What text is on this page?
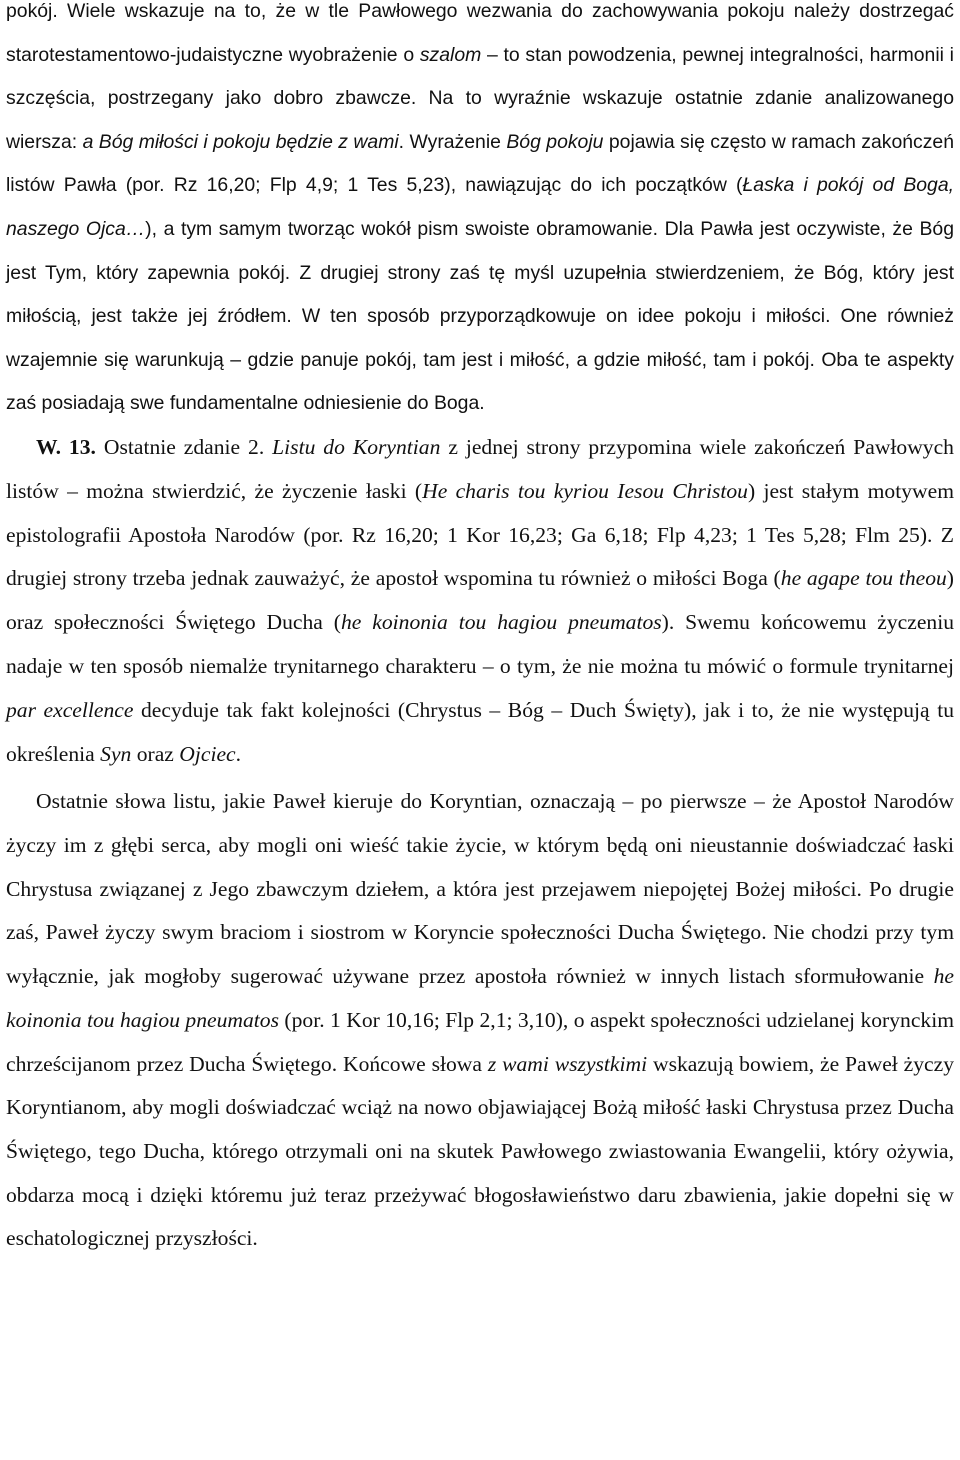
pokój. Wiele wskazuje na to, że w tle Pawłowego wezwania do zachowywania pokoju należy dostrzegać starotestamentowo-judaistyczne wyobrażenie o szalom – to stan powodzenia, pewnej integralności, harmonii i szczęścia, postrzegany jako dobro zbawcze. Na to wyraźnie wskazuje ostatnie zdanie analizowanego wiersza: a Bóg miłości i pokoju będzie z wami. Wyrażenie Bóg pokoju pojawia się często w ramach zakończeń listów Pawła (por. Rz 16,20; Flp 4,9; 1 Tes 5,23), nawiązując do ich początków (Łaska i pokój od Boga, naszego Ojca…), a tym samym tworząc wokół pism swoiste obramowanie. Dla Pawła jest oczywiste, że Bóg jest Tym, który zapewnia pokój. Z drugiej strony zaś tę myśl uzupełnia stwierdzeniem, że Bóg, który jest miłością, jest także jej źródłem. W ten sposób przyporządkowuje on idee pokoju i miłości. One również wzajemnie się warunkują – gdzie panuje pokój, tam jest i miłość, a gdzie miłość, tam i pokój. Oba te aspekty zaś posiadają swe fundamentalne odniesienie do Boga.

W. 13. Ostatnie zdanie 2. Listu do Koryntian z jednej strony przypomina wiele zakończeń Pawłowych listów – można stwierdzić, że życzenie łaski (He charis tou kyriou Iesou Christou) jest stałym motywem epistolografii Apostoła Narodów (por. Rz 16,20; 1 Kor 16,23; Ga 6,18; Flp 4,23; 1 Tes 5,28; Flm 25). Z drugiej strony trzeba jednak zauważyć, że apostoł wspomina tu również o miłości Boga (he agape tou theou) oraz społeczności Świętego Ducha (he koinonia tou hagiou pneumatos). Swemu końcowemu życzeniu nadaje w ten sposób niemalże trynitarnego charakteru – o tym, że nie można tu mówić o formule trynitarnej par excellence decyduje tak fakt kolejności (Chrystus – Bóg – Duch Święty), jak i to, że nie występują tu określenia Syn oraz Ojciec.

Ostatnie słowa listu, jakie Paweł kieruje do Koryntian, oznaczają – po pierwsze – że Apostoł Narodów życzy im z głębi serca, aby mogli oni wieść takie życie, w którym będą oni nieustannie doświadczać łaski Chrystusa związanej z Jego zbawczym dziełem, a która jest przejawem niepojętej Bożej miłości. Po drugie zaś, Paweł życzy swym braciom i siostrom w Koryncie społeczności Ducha Świętego. Nie chodzi przy tym wyłącznie, jak mogłoby sugerować używane przez apostoła również w innych listach sformułowanie he koinonia tou hagiou pneumatos (por. 1 Kor 10,16; Flp 2,1; 3,10), o aspekt społeczności udzielanej korynckim chrześcijanom przez Ducha Świętego. Końcowe słowa z wami wszystkimi wskazują bowiem, że Paweł życzy Koryntianom, aby mogli doświadczać wciąż na nowo objawiającej Bożą miłość łaski Chrystusa przez Ducha Świętego, tego Ducha, którego otrzymali oni na skutek Pawłowego zwiastowania Ewangelii, który ożywia, obdarza mocą i dzięki któremu już teraz przeżywać błogosławieństwo daru zbawienia, jakie dopełni się w eschatologicznej przyszłości.
